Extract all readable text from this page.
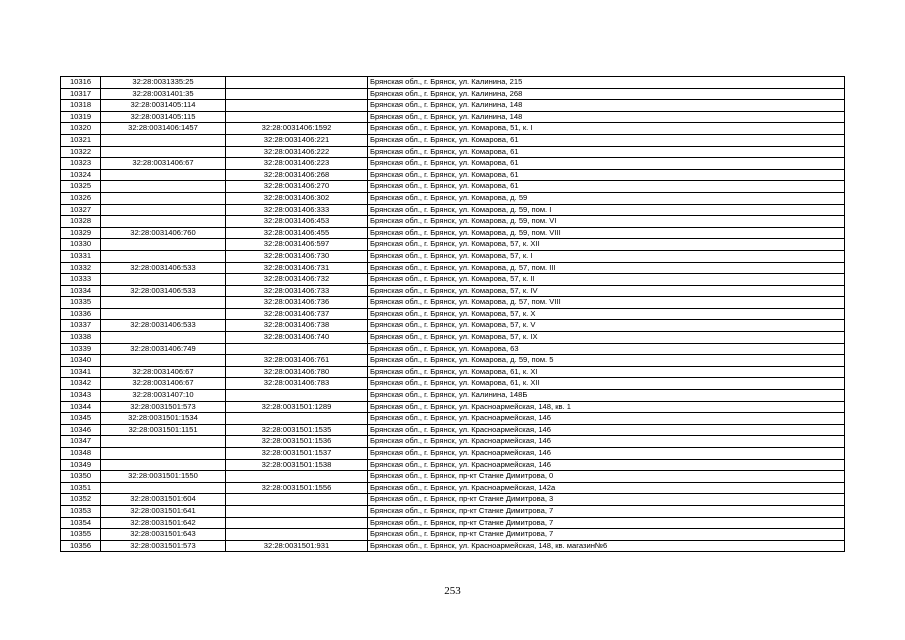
10316	32:28:0031335:25		Брянская обл., г. Брянск, ул. Калинина, 215
10317	32:28:0031401:35		Брянская обл., г. Брянск, ул. Калинина, 268
10318	32:28:0031405:114		Брянская обл., г. Брянск, ул. Калинина, 148
10319	32:28:0031405:115		Брянская обл., г. Брянск, ул. Калинина, 148
10320	32:28:0031406:1457	32:28:0031406:1592	Брянская обл., г. Брянск, ул. Комарова, 51, к. I
10321		32:28:0031406:221	Брянская обл., г. Брянск, ул. Комарова, 61
10322		32:28:0031406:222	Брянская обл., г. Брянск, ул. Комарова, 61
10323	32:28:0031406:67	32:28:0031406:223	Брянская обл., г. Брянск, ул. Комарова, 61
10324		32:28:0031406:268	Брянская обл., г. Брянск, ул. Комарова, 61
10325		32:28:0031406:270	Брянская обл., г. Брянск, ул. Комарова, 61
10326		32:28:0031406:302	Брянская обл., г. Брянск, ул. Комарова, д. 59
10327		32:28:0031406:333	Брянская обл., г. Брянск, ул. Комарова, д. 59, пом. I
10328		32:28:0031406:453	Брянская обл., г. Брянск, ул. Комарова, д. 59, пом. VI
10329	32:28:0031406:760	32:28:0031406:455	Брянская обл., г. Брянск, ул. Комарова, д. 59, пом. VIII
10330		32:28:0031406:597	Брянская обл., г. Брянск, ул. Комарова, 57, к. XII
10331		32:28:0031406:730	Брянская обл., г. Брянск, ул. Комарова, 57, к. I
10332	32:28:0031406:533	32:28:0031406:731	Брянская обл., г. Брянск, ул. Комарова, д. 57, пом. III
10333		32:28:0031406:732	Брянская обл., г. Брянск, ул. Комарова, 57, к. II
10334	32:28:0031406:533	32:28:0031406:733	Брянская обл., г. Брянск, ул. Комарова, 57, к. IV
10335		32:28:0031406:736	Брянская обл., г. Брянск, ул. Комарова, д. 57, пом. VIII
10336		32:28:0031406:737	Брянская обл., г. Брянск, ул. Комарова, 57, к. X
10337	32:28:0031406:533	32:28:0031406:738	Брянская обл., г. Брянск, ул. Комарова, 57, к. V
10338		32:28:0031406:740	Брянская обл., г. Брянск, ул. Комарова, 57, к. IX
10339	32:28:0031406:749		Брянская обл., г. Брянск, ул. Комарова, 63
10340		32:28:0031406:761	Брянская обл., г. Брянск, ул. Комарова, д. 59, пом. 5
10341	32:28:0031406:67	32:28:0031406:780	Брянская обл., г. Брянск, ул. Комарова, 61, к. XI
10342	32:28:0031406:67	32:28:0031406:783	Брянская обл., г. Брянск, ул. Комарова, 61, к. XII
10343	32:28:0031407:10		Брянская обл., г. Брянск, ул. Калинина, 148Б
10344	32:28:0031501:573	32:28:0031501:1289	Брянская обл., г. Брянск, ул. Красноармейская, 148, кв. 1
10345	32:28:0031501:1534		Брянская обл., г. Брянск, ул. Красноармейская, 146
10346	32:28:0031501:1151	32:28:0031501:1535	Брянская обл., г. Брянск, ул. Красноармейская, 146
10347		32:28:0031501:1536	Брянская обл., г. Брянск, ул. Красноармейская, 146
10348		32:28:0031501:1537	Брянская обл., г. Брянск, ул. Красноармейская, 146
10349		32:28:0031501:1538	Брянская обл., г. Брянск, ул. Красноармейская, 146
10350	32:28:0031501:1550		Брянская обл., г. Брянск, пр-кт Станке Димитрова, 0
10351		32:28:0031501:1556	Брянская обл., г. Брянск, ул. Красноармейская, 142а
10352	32:28:0031501:604		Брянская обл., г. Брянск, пр-кт Станке Димитрова, 3
10353	32:28:0031501:641		Брянская обл., г. Брянск, пр-кт Станке Димитрова, 7
10354	32:28:0031501:642		Брянская обл., г. Брянск, пр-кт Станке Димитрова, 7
10355	32:28:0031501:643		Брянская обл., г. Брянск, пр-кт Станке Димитрова, 7
10356	32:28:0031501:573	32:28:0031501:931	Брянская обл., г. Брянск, ул. Красноармейская, 148, кв. магазин№6
253
